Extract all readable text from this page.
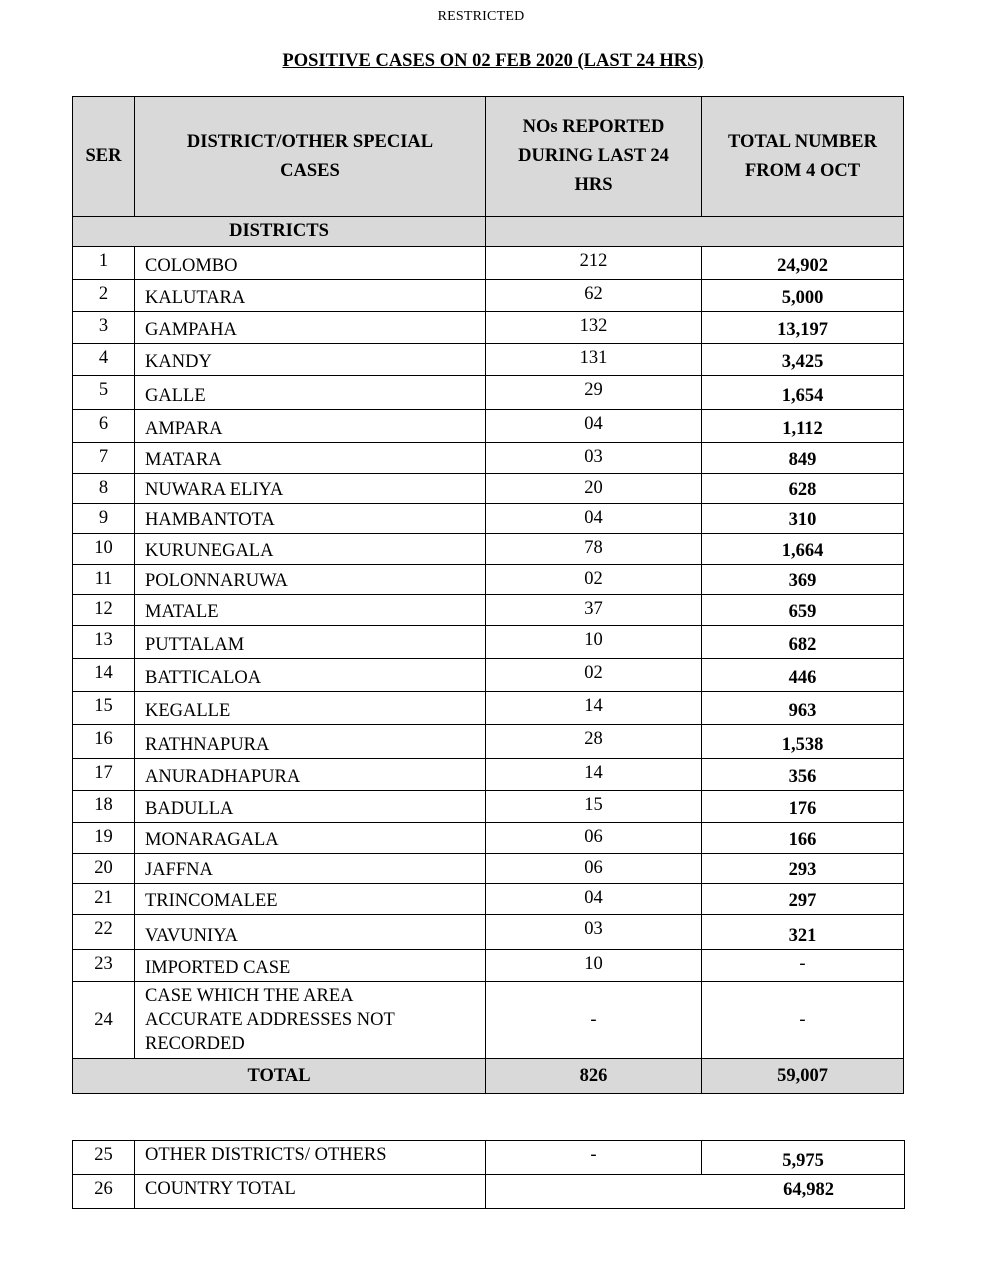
RESTRICTED
POSITIVE CASES ON 02 FEB 2020 (LAST 24 HRS)
SER	DISTRICT/OTHER SPECIAL CASES	NOs REPORTED DURING LAST 24 HRS	TOTAL NUMBER FROM 4 OCT
DISTRICTS			
1	COLOMBO	212	24,902
2	KALUTARA	62	5,000
3	GAMPAHA	132	13,197
4	KANDY	131	3,425
5	GALLE	29	1,654
6	AMPARA	04	1,112
7	MATARA	03	849
8	NUWARA ELIYA	20	628
9	HAMBANTOTA	04	310
10	KURUNEGALA	78	1,664
11	POLONNARUWA	02	369
12	MATALE	37	659
13	PUTTALAM	10	682
14	BATTICALOA	02	446
15	KEGALLE	14	963
16	RATHNAPURA	28	1,538
17	ANURADHAPURA	14	356
18	BADULLA	15	176
19	MONARAGALA	06	166
20	JAFFNA	06	293
21	TRINCOMALEE	04	297
22	VAVUNIYA	03	321
23	IMPORTED CASE	10	-
24	CASE WHICH THE AREA
ACCURATE ADDRESSES NOT
RECORDED	-	-
TOTAL		826	59,007
25	OTHER DISTRICTS/ OTHERS	-	5,975
26	COUNTRY TOTAL	64,982	
